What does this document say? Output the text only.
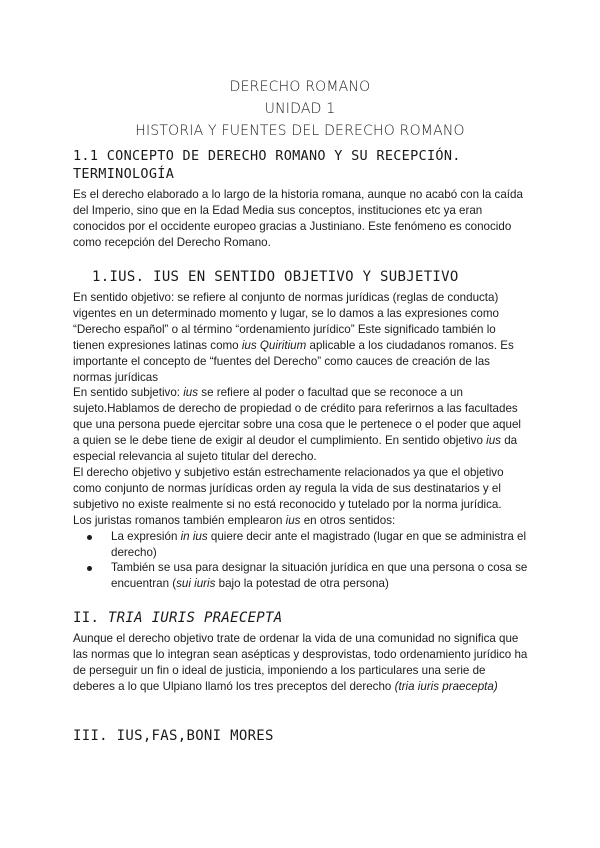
DERECHO ROMANO
UNIDAD 1
HISTORIA Y FUENTES DEL DERECHO ROMANO
1.1 CONCEPTO DE DERECHO ROMANO Y SU RECEPCIÓN.
TERMINOLOGÍA

Es el derecho elaborado a lo largo de la historia romana, aunque no acabó con la caída del Imperio, sino que en la Edad Media sus conceptos, instituciones etc ya eran conocidos por el occidente europeo gracias a Justiniano. Este fenómeno es conocido como recepción del Derecho Romano.

1.IUS. IUS EN SENTIDO OBJETIVO Y SUBJETIVO

En sentido objetivo: se refiere al conjunto de normas jurídicas (reglas de conducta) vigentes en un determinado momento y lugar, se lo damos a las expresiones como “Derecho español” o al término “ordenamiento jurídico” Este significado también lo tienen expresiones latinas como ius Quiritium aplicable a los ciudadanos romanos. Es importante el concepto de “fuentes del Derecho” como cauces de creación de las normas jurídicas

En sentido subjetivo: ius se refiere al poder o facultad que se reconoce a un sujeto.Hablamos de derecho de propiedad o de crédito para referirnos a las facultades que una persona puede ejercitar sobre una cosa que le pertenece o el poder que aquel a quien se le debe tiene de exigir al deudor el cumplimiento. En sentido objetivo ius da especial relevancia al sujeto titular del derecho.

El derecho objetivo y subjetivo están estrechamente relacionados ya que el objetivo como conjunto de normas jurídicas orden ay regula la vida de sus destinatarios y el subjetivo no existe realmente si no está reconocido y tutelado por la norma jurídica.

Los juristas romanos también emplearon ius en otros sentidos:

La expresión in ius quiere decir ante el magistrado (lugar en que se administra el derecho)
También se usa para designar la situación jurídica en que una persona o cosa se encuentran (sui iuris bajo la potestad de otra persona)
II. TRIA IURIS PRAECEPTA

Aunque el derecho objetivo trate de ordenar la vida de una comunidad no significa que las normas que lo integran sean asépticas y desprovistas, todo ordenamiento jurídico ha de perseguir un fin o ideal de justicia, imponiendo a los particulares una serie de deberes a lo que Ulpiano llamó los tres preceptos del derecho (tria iuris praecepta)

III. IUS,FAS,BONI MORES
